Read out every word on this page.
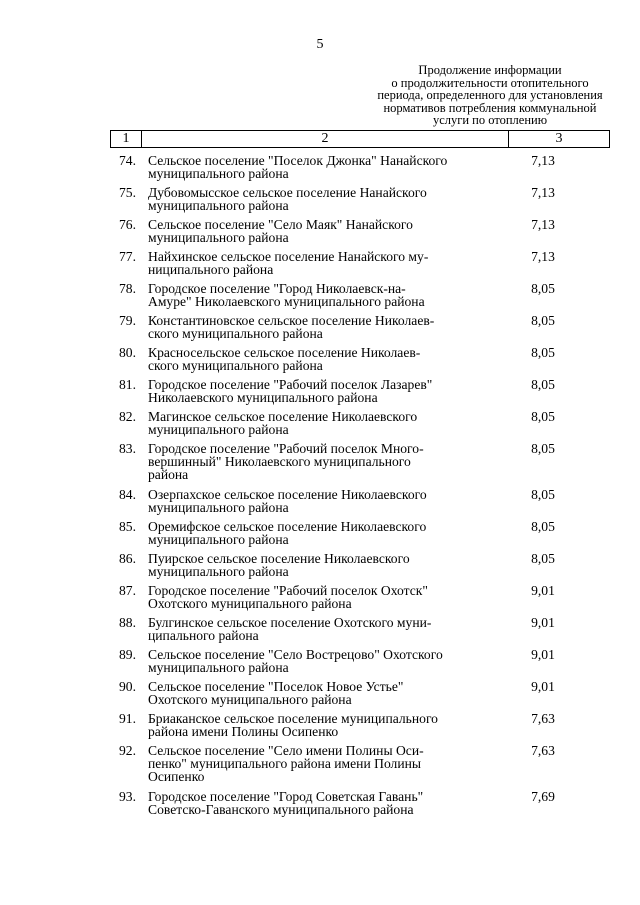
5
Продолжение информации
о продолжительности отопительного
периода, определенного для установления
нормативов потребления коммунальной
услуги по отоплению
1	2	3
74. Сельское поселение "Поселок Джонка" Нанайского
муниципального района
7,13
75. Дубовомысское сельское поселение Нанайского
муниципального района
7,13
76. Сельское поселение "Село Маяк" Нанайского
муниципального района
7,13
77. Найхинское сельское поселение Нанайского му-
ниципального района
7,13
78. Городское поселение "Город Николаевск-на-
Амуре" Николаевского муниципального района
8,05
79. Константиновское сельское поселение Николаев-
ского муниципального района
8,05
80. Красносельское сельское поселение Николаев-
ского муниципального района
8,05
81. Городское поселение "Рабочий поселок Лазарев"
Николаевского муниципального района
8,05
82. Магинское сельское поселение Николаевского
муниципального района
8,05
83. Городское поселение "Рабочий поселок Много-
вершинный" Николаевского муниципального
района
8,05
84. Озерпахское сельское поселение Николаевского
муниципального района
8,05
85. Оремифское сельское поселение Николаевского
муниципального района
8,05
86. Пуирское сельское поселение Николаевского
муниципального района
8,05
87. Городское поселение "Рабочий поселок Охотск"
Охотского муниципального района
9,01
88. Булгинское сельское поселение Охотского муни-
ципального района
9,01
89. Сельское поселение "Село Вострецово" Охотского
муниципального района
9,01
90. Сельское поселение "Поселок Новое Устье"
Охотского муниципального района
9,01
91. Бриаканское сельское поселение муниципального
района имени Полины Осипенко
7,63
92. Сельское поселение "Село имени Полины Оси-
пенко" муниципального района имени Полины
Осипенко
7,63
93. Городское поселение "Город Советская Гавань"
Советско-Гаванского муниципального района
7,69
